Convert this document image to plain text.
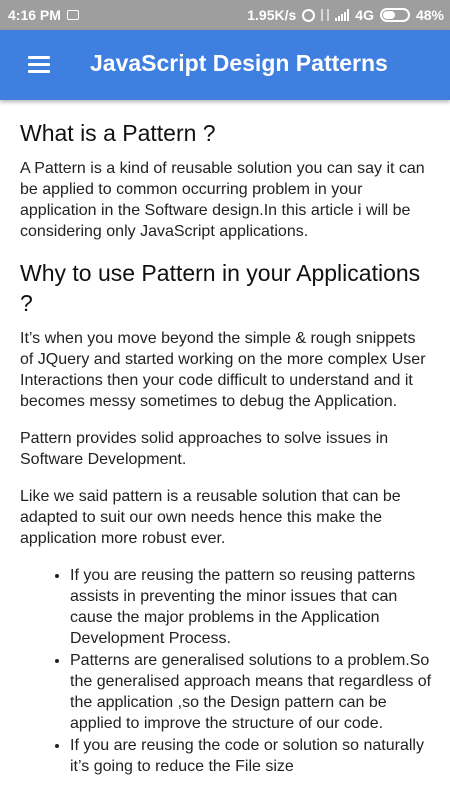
4:16 PM	1.95K/s	4G	48%
JavaScript Design Patterns
What is a Pattern ?

A Pattern is a kind of reusable solution you can say it can be applied to common occurring problem in your application in the Software design.In this article i will be considering only JavaScript applications.

Why to use Pattern in your Applications ?

It’s when you move beyond the simple & rough snippets of JQuery and started working on the more complex User Interactions then your code difficult to understand and it becomes messy sometimes to debug the Application.

Pattern provides solid approaches to solve issues in Software Development.

Like we said pattern is a reusable solution that can be adapted to suit our own needs hence this make the application more robust ever.

• If you are reusing the pattern so reusing patterns assists in preventing the minor issues that can cause the major problems in the Application Development Process.
• Patterns are generalised solutions to a problem.So the generalised approach means that regardless of the application ,so the Design pattern can be applied to improve the structure of our code.
• If you are reusing the code or solution so naturally it’s going to reduce the File size
